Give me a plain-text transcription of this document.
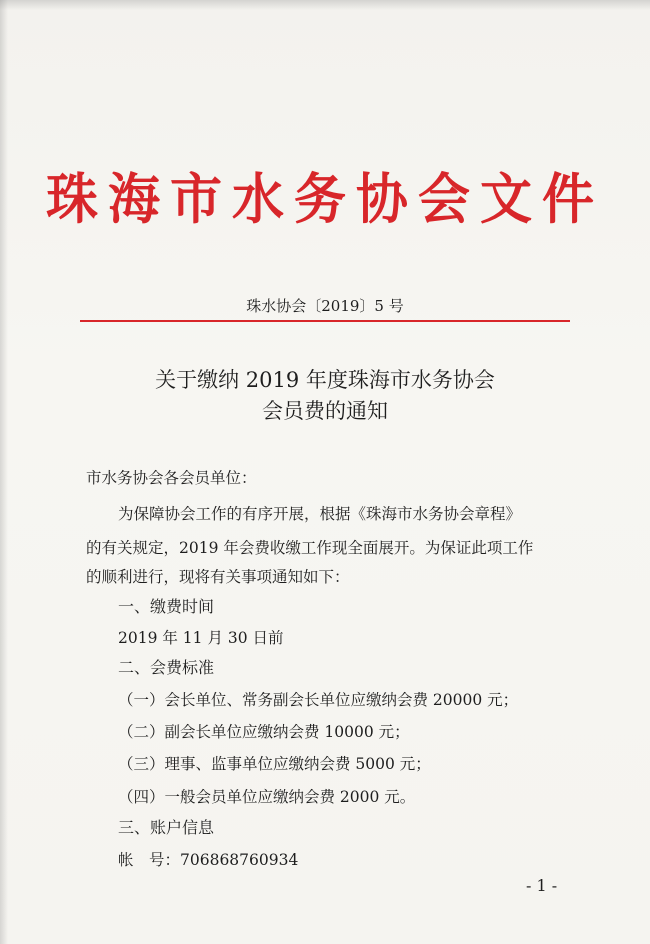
珠海市水务协会文件
珠水协会〔2019〕5 号
关于缴纳 2019 年度珠海市水务协会
会员费的通知
市水务协会各会员单位：
为保障协会工作的有序开展，根据《珠海市水务协会章程》
的有关规定，2019 年会费收缴工作现全面展开。为保证此项工作
的顺利进行，现将有关事项通知如下：
一、缴费时间
2019 年 11 月 30 日前
二、会费标准
（一）会长单位、常务副会长单位应缴纳会费 20000 元；
（二）副会长单位应缴纳会费 10000 元；
（三）理事、监事单位应缴纳会费 5000 元；
（四）一般会员单位应缴纳会费 2000 元。
三、账户信息
帐　号：706868760934
- 1 -
